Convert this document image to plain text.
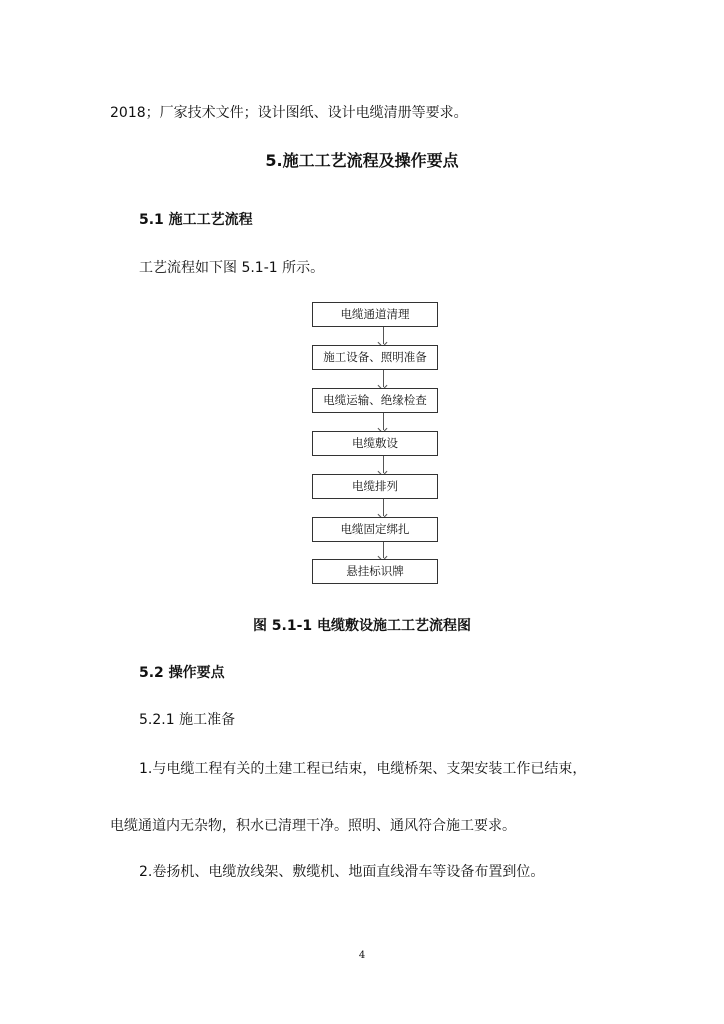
2018；厂家技术文件；设计图纸、设计电缆清册等要求。
5.施工工艺流程及操作要点
5.1 施工工艺流程
工艺流程如下图 5.1-1 所示。
电缆通道清理
施工设备、照明准备
电缆运输、绝缘检查
电缆敷设
电缆排列
电缆固定绑扎
悬挂标识牌
图 5.1-1 电缆敷设施工工艺流程图
5.2 操作要点
5.2.1 施工准备
1.与电缆工程有关的土建工程已结束，电缆桥架、支架安装工作已结束，
电缆通道内无杂物，积水已清理干净。照明、通风符合施工要求。
2.卷扬机、电缆放线架、敷缆机、地面直线滑车等设备布置到位。
4
